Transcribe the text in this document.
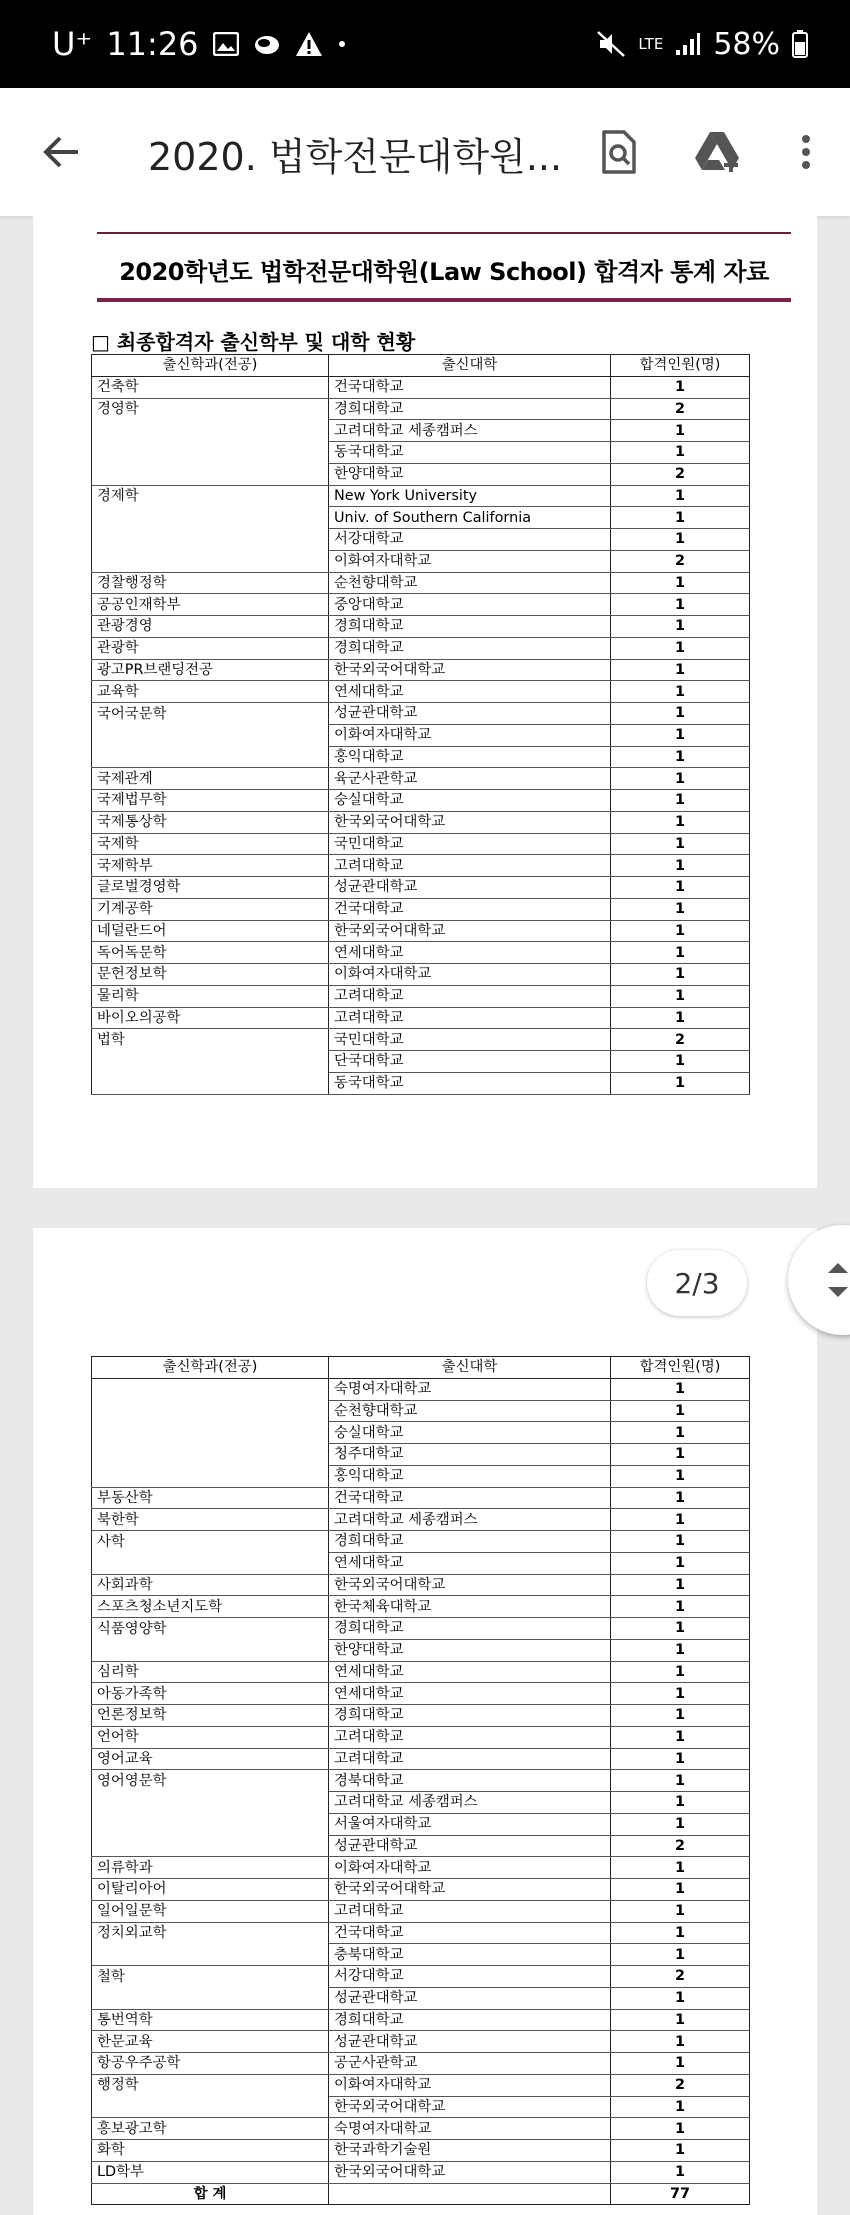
U⁺ 11:26	LTE 58%
2020. 법학전문대학원...
2020학년도 법학전문대학원(Law School) 합격자 통계 자료
□ 최종합격자 출신학부 및 대학 현황
출신학과(전공)	출신대학	합격인원(명)
건축학	건국대학교	1
경영학	경희대학교	2
	고려대학교 세종캠퍼스	1
	동국대학교	1
	한양대학교	2
경제학	New York University	1
	Univ. of Southern California	1
	서강대학교	1
	이화여자대학교	2
경찰행정학	순천향대학교	1
공공인재학부	중앙대학교	1
관광경영	경희대학교	1
관광학	경희대학교	1
광고PR브랜딩전공	한국외국어대학교	1
교육학	연세대학교	1
국어국문학	성균관대학교	1
	이화여자대학교	1
	홍익대학교	1
국제관계	육군사관학교	1
국제법무학	숭실대학교	1
국제통상학	한국외국어대학교	1
국제학	국민대학교	1
국제학부	고려대학교	1
글로벌경영학	성균관대학교	1
기계공학	건국대학교	1
네덜란드어	한국외국어대학교	1
독어독문학	연세대학교	1
문헌정보학	이화여자대학교	1
물리학	고려대학교	1
바이오의공학	고려대학교	1
법학	국민대학교	2
	단국대학교	1
	동국대학교	1
출신학과(전공)	출신대학	합격인원(명)
	숙명여자대학교	1
	순천향대학교	1
	숭실대학교	1
	청주대학교	1
	홍익대학교	1
부동산학	건국대학교	1
북한학	고려대학교 세종캠퍼스	1
사학	경희대학교	1
	연세대학교	1
사회과학	한국외국어대학교	1
스포츠청소년지도학	한국체육대학교	1
식품영양학	경희대학교	1
	한양대학교	1
심리학	연세대학교	1
아동가족학	연세대학교	1
언론정보학	경희대학교	1
언어학	고려대학교	1
영어교육	고려대학교	1
영어영문학	경북대학교	1
	고려대학교 세종캠퍼스	1
	서울여자대학교	1
	성균관대학교	2
의류학과	이화여자대학교	1
이탈리아어	한국외국어대학교	1
일어일문학	고려대학교	1
정치외교학	건국대학교	1
	충북대학교	1
철학	서강대학교	2
	성균관대학교	1
통번역학	경희대학교	1
한문교육	성균관대학교	1
항공우주공학	공군사관학교	1
행정학	이화여자대학교	2
	한국외국어대학교	1
홍보광고학	숙명여자대학교	1
화학	한국과학기술원	1
LD학부	한국외국어대학교	1
합 계		77
2/3
